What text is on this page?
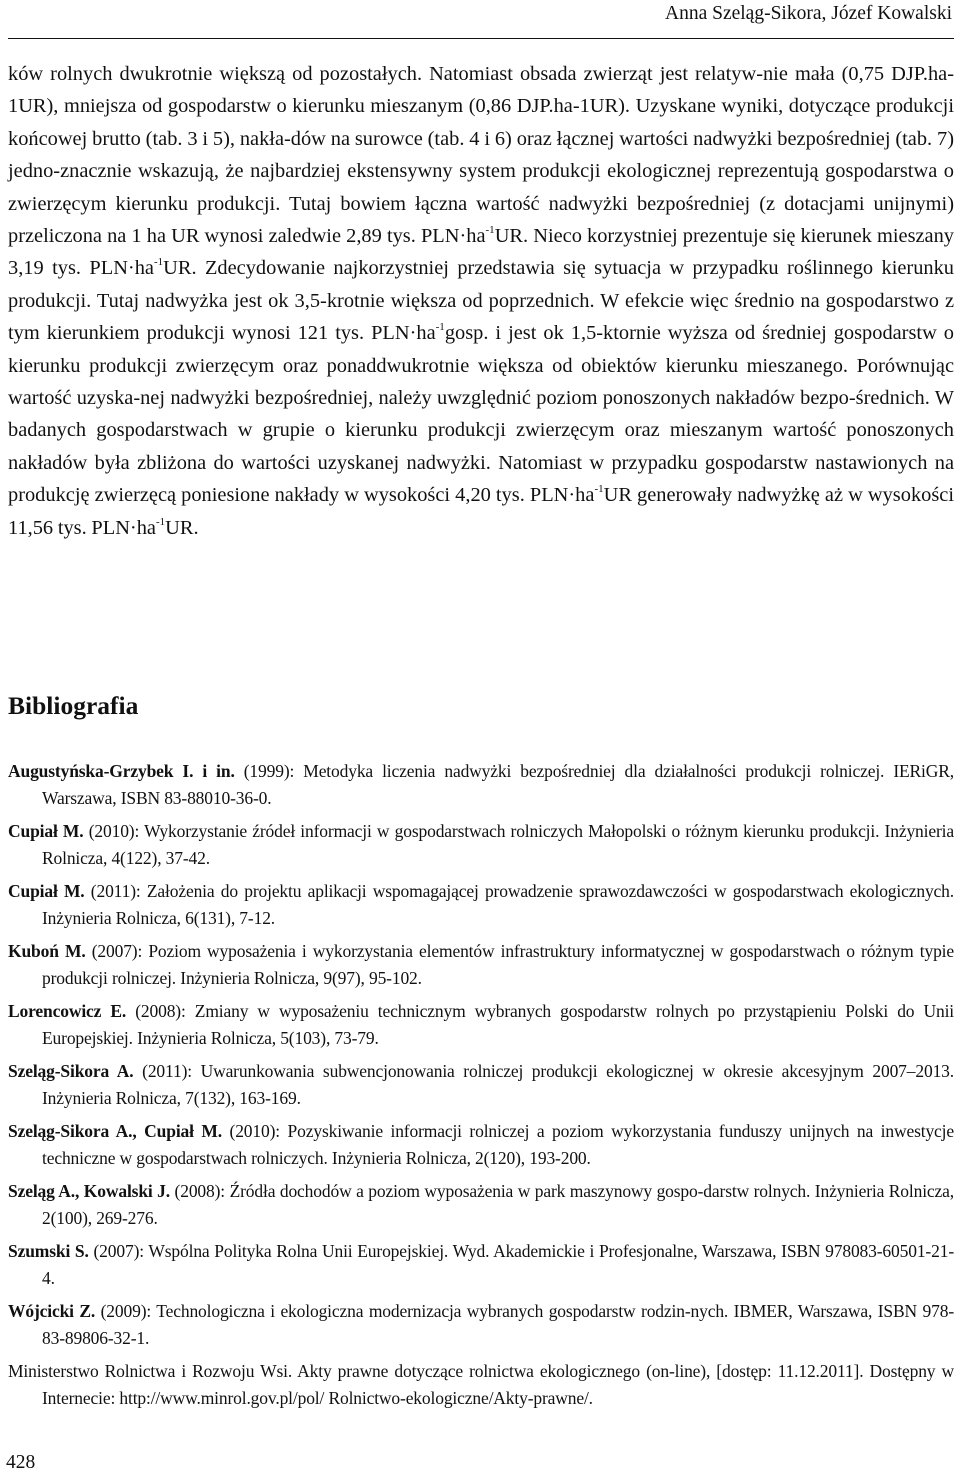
Anna Szeląg-Sikora, Józef Kowalski

ków rolnych dwukrotnie większą od pozostałych. Natomiast obsada zwierząt jest relatyw-nie mała (0,75 DJP.ha-1UR), mniejsza od gospodarstw o kierunku mieszanym (0,86 DJP.ha-1UR). Uzyskane wyniki, dotyczące produkcji końcowej brutto (tab. 3 i 5), nakła-dów na surowce (tab. 4 i 6) oraz łącznej wartości nadwyżki bezpośredniej (tab. 7) jedno-znacznie wskazują, że najbardziej ekstensywny system produkcji ekologicznej reprezentują gospodarstwa o zwierzęcym kierunku produkcji. Tutaj bowiem łączna wartość nadwyżki bezpośredniej (z dotacjami unijnymi) przeliczona na 1 ha UR wynosi zaledwie 2,89 tys. $PLN\cdot ha^{-1}UR$. Nieco korzystniej prezentuje się kierunek mieszany 3,19 tys. $PLN\cdot ha^{-1}UR$. Zdecydowanie najkorzystniej przedstawia się sytuacja w przypadku roślinnego kierunku produkcji. Tutaj nadwyżka jest ok 3,5-krotnie większa od poprzednich. W efekcie więc średnio na gospodarstwo z tym kierunkiem produkcji wynosi 121 tys. $PLN\cdot ha^{-1}gosp$. i jest ok 1,5-ktornie wyższa od średniej gospodarstw o kierunku produkcji zwierzęcym oraz ponaddwukrotnie większa od obiektów kierunku mieszanego. Porównując wartość uzyska-nej nadwyżki bezpośredniej, należy uwzględnić poziom ponoszonych nakładów bezpo-średnich. W badanych gospodarstwach w grupie o kierunku produkcji zwierzęcym oraz mieszanym wartość ponoszonych nakładów była zbliżona do wartości uzyskanej nadwyżki. Natomiast w przypadku gospodarstw nastawionych na produkcję zwierzęcą poniesione nakłady w wysokości 4,20 tys. $PLN\cdot ha^{-1}UR$ generowały nadwyżkę aż w wysokości 11,56 tys. $PLN\cdot ha^{-1}UR$.

Bibliografia
Augustyńska-Grzybek I. i in. (1999): Metodyka liczenia nadwyżki bezpośredniej dla działalności produkcji rolniczej. IERiGR, Warszawa, ISBN 83-88010-36-0.
Cupiał M. (2010): Wykorzystanie źródeł informacji w gospodarstwach rolniczych Małopolski o różnym kierunku produkcji. Inżynieria Rolnicza, 4(122), 37-42.
Cupiał M. (2011): Założenia do projektu aplikacji wspomagającej prowadzenie sprawozdawczości w gospodarstwach ekologicznych. Inżynieria Rolnicza, 6(131), 7-12.
Kuboń M. (2007): Poziom wyposażenia i wykorzystania elementów infrastruktury informatycznej w gospodarstwach o różnym typie produkcji rolniczej. Inżynieria Rolnicza, 9(97), 95-102.
Lorencowicz E. (2008): Zmiany w wyposażeniu technicznym wybranych gospodarstw rolnych po przystąpieniu Polski do Unii Europejskiej. Inżynieria Rolnicza, 5(103), 73-79.
Szeląg-Sikora A. (2011): Uwarunkowania subwencjonowania rolniczej produkcji ekologicznej w okresie akcesyjnym 2007–2013. Inżynieria Rolnicza, 7(132), 163-169.
Szeląg-Sikora A., Cupiał M. (2010): Pozyskiwanie informacji rolniczej a poziom wykorzystania funduszy unijnych na inwestycje techniczne w gospodarstwach rolniczych. Inżynieria Rolnicza, 2(120), 193-200.
Szeląg A., Kowalski J. (2008): Źródła dochodów a poziom wyposażenia w park maszynowy gospo-darstw rolnych. Inżynieria Rolnicza, 2(100), 269-276.
Szumski S. (2007): Wspólna Polityka Rolna Unii Europejskiej. Wyd. Akademickie i Profesjonalne, Warszawa, ISBN 978083-60501-21-4.
Wójcicki Z. (2009): Technologiczna i ekologiczna modernizacja wybranych gospodarstw rodzin-nych. IBMER, Warszawa, ISBN 978-83-89806-32-1.
Ministerstwo Rolnictwa i Rozwoju Wsi. Akty prawne dotyczące rolnictwa ekologicznego (on-line), [dostęp: 11.12.2011]. Dostępny w Internecie: http://www.minrol.gov.pl/pol/ Rolnictwo-ekologiczne/Akty-prawne/.
428
